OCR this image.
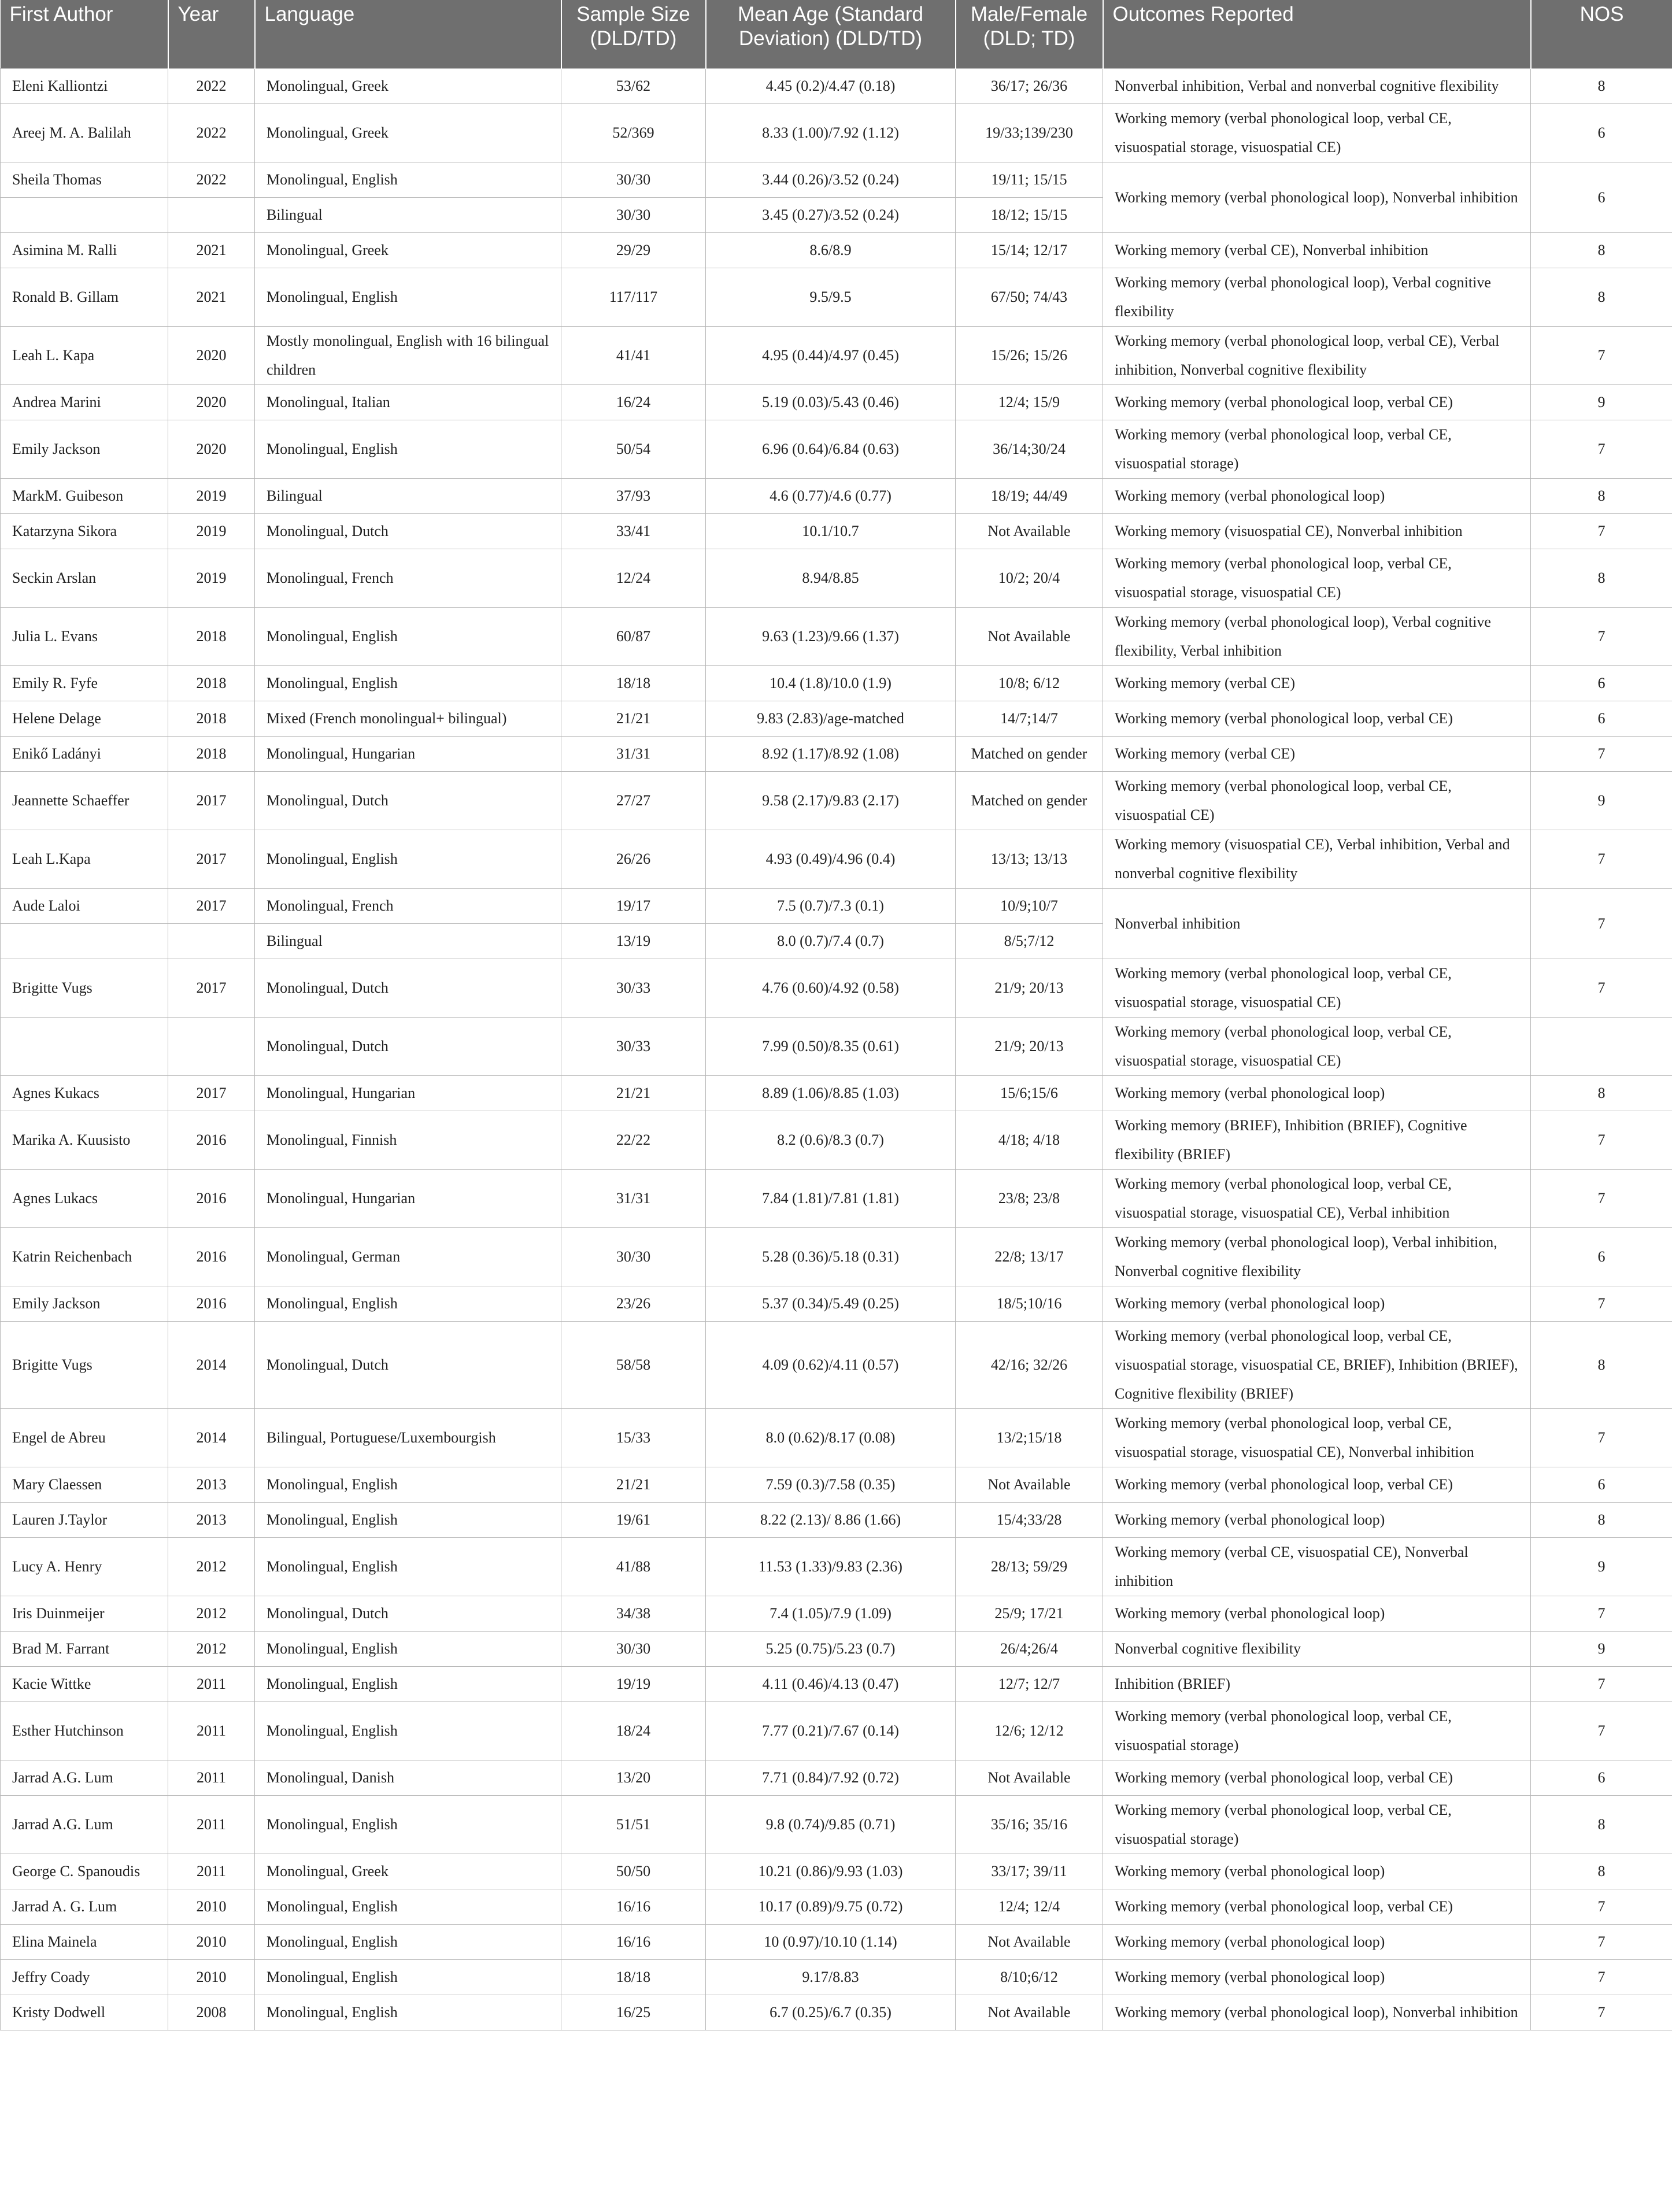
First Author	Year	Language	Sample Size (DLD/TD)	Mean Age (Standard Deviation) (DLD/TD)	Male/Female (DLD; TD)	Outcomes Reported	NOS
Eleni Kalliontzi	2022	Monolingual, Greek	53/62	4.45 (0.2)/4.47 (0.18)	36/17; 26/36	Nonverbal inhibition, Verbal and nonverbal cognitive flexibility	8
Areej M. A. Balilah	2022	Monolingual, Greek	52/369	8.33 (1.00)/7.92 (1.12)	19/33;139/230	Working memory (verbal phonological loop, verbal CE, visuospatial storage, visuospatial CE)	6
Sheila Thomas	2022	Monolingual, English	30/30	3.44 (0.26)/3.52 (0.24)	19/11; 15/15	Working memory (verbal phonological loop), Nonverbal inhibition	6
		Bilingual	30/30	3.45 (0.27)/3.52 (0.24)	18/12; 15/15		
Asimina M. Ralli	2021	Monolingual, Greek	29/29	8.6/8.9	15/14; 12/17	Working memory (verbal CE), Nonverbal inhibition	8
Ronald B. Gillam	2021	Monolingual, English	117/117	9.5/9.5	67/50; 74/43	Working memory (verbal phonological loop), Verbal cognitive flexibility	8
Leah L. Kapa	2020	Mostly monolingual, English with 16 bilingual children	41/41	4.95 (0.44)/4.97 (0.45)	15/26; 15/26	Working memory (verbal phonological loop, verbal CE), Verbal inhibition, Nonverbal cognitive flexibility	7
Andrea Marini	2020	Monolingual, Italian	16/24	5.19 (0.03)/5.43 (0.46)	12/4; 15/9	Working memory (verbal phonological loop, verbal CE)	9
Emily Jackson	2020	Monolingual, English	50/54	6.96 (0.64)/6.84 (0.63)	36/14;30/24	Working memory (verbal phonological loop, verbal CE, visuospatial storage)	7
MarkM. Guibeson	2019	Bilingual	37/93	4.6 (0.77)/4.6 (0.77)	18/19; 44/49	Working memory (verbal phonological loop)	8
Katarzyna Sikora	2019	Monolingual, Dutch	33/41	10.1/10.7	Not Available	Working memory (visuospatial CE), Nonverbal inhibition	7
Seckin Arslan	2019	Monolingual, French	12/24	8.94/8.85	10/2; 20/4	Working memory (verbal phonological loop, verbal CE, visuospatial storage, visuospatial CE)	8
Julia L. Evans	2018	Monolingual, English	60/87	9.63 (1.23)/9.66 (1.37)	Not Available	Working memory (verbal phonological loop), Verbal cognitive flexibility, Verbal inhibition	7
Emily R. Fyfe	2018	Monolingual, English	18/18	10.4 (1.8)/10.0 (1.9)	10/8; 6/12	Working memory (verbal CE)	6
Helene Delage	2018	Mixed (French monolingual+ bilingual)	21/21	9.83 (2.83)/age-matched	14/7;14/7	Working memory (verbal phonological loop, verbal CE)	6
Enikő Ladányi	2018	Monolingual, Hungarian	31/31	8.92 (1.17)/8.92 (1.08)	Matched on gender	Working memory (verbal CE)	7
Jeannette Schaeffer	2017	Monolingual, Dutch	27/27	9.58 (2.17)/9.83 (2.17)	Matched on gender	Working memory (verbal phonological loop, verbal CE, visuospatial CE)	9
Leah L.Kapa	2017	Monolingual, English	26/26	4.93 (0.49)/4.96 (0.4)	13/13; 13/13	Working memory (visuospatial CE), Verbal inhibition, Verbal and nonverbal cognitive flexibility	7
Aude Laloi	2017	Monolingual, French	19/17	7.5 (0.7)/7.3 (0.1)	10/9;10/7	Nonverbal inhibition	7
		Bilingual	13/19	8.0 (0.7)/7.4 (0.7)	8/5;7/12		
Brigitte Vugs	2017	Monolingual, Dutch	30/33	4.76 (0.60)/4.92 (0.58)	21/9; 20/13	Working memory (verbal phonological loop, verbal CE, visuospatial storage, visuospatial CE)	7
		Monolingual, Dutch	30/33	7.99 (0.50)/8.35 (0.61)	21/9; 20/13	Working memory (verbal phonological loop, verbal CE, visuospatial storage, visuospatial CE)	
Agnes Kukacs	2017	Monolingual, Hungarian	21/21	8.89 (1.06)/8.85 (1.03)	15/6;15/6	Working memory (verbal phonological loop)	8
Marika A. Kuusisto	2016	Monolingual, Finnish	22/22	8.2 (0.6)/8.3 (0.7)	4/18; 4/18	Working memory (BRIEF), Inhibition (BRIEF), Cognitive flexibility (BRIEF)	7
Agnes Lukacs	2016	Monolingual, Hungarian	31/31	7.84 (1.81)/7.81 (1.81)	23/8; 23/8	Working memory (verbal phonological loop, verbal CE, visuospatial storage, visuospatial CE), Verbal inhibition	7
Katrin Reichenbach	2016	Monolingual, German	30/30	5.28 (0.36)/5.18 (0.31)	22/8; 13/17	Working memory (verbal phonological loop), Verbal inhibition, Nonverbal cognitive flexibility	6
Emily Jackson	2016	Monolingual, English	23/26	5.37 (0.34)/5.49 (0.25)	18/5;10/16	Working memory (verbal phonological loop)	7
Brigitte Vugs	2014	Monolingual, Dutch	58/58	4.09 (0.62)/4.11 (0.57)	42/16; 32/26	Working memory (verbal phonological loop, verbal CE, visuospatial storage, visuospatial CE, BRIEF), Inhibition (BRIEF), Cognitive flexibility (BRIEF)	8
Engel de Abreu	2014	Bilingual, Portuguese/Luxembourgish	15/33	8.0 (0.62)/8.17 (0.08)	13/2;15/18	Working memory (verbal phonological loop, verbal CE, visuospatial storage, visuospatial CE), Nonverbal inhibition	7
Mary Claessen	2013	Monolingual, English	21/21	7.59 (0.3)/7.58 (0.35)	Not Available	Working memory (verbal phonological loop, verbal CE)	6
Lauren J.Taylor	2013	Monolingual, English	19/61	8.22 (2.13)/ 8.86 (1.66)	15/4;33/28	Working memory (verbal phonological loop)	8
Lucy A. Henry	2012	Monolingual, English	41/88	11.53 (1.33)/9.83 (2.36)	28/13; 59/29	Working memory (verbal CE, visuospatial CE), Nonverbal inhibition	9
Iris Duinmeijer	2012	Monolingual, Dutch	34/38	7.4 (1.05)/7.9 (1.09)	25/9; 17/21	Working memory (verbal phonological loop)	7
Brad M. Farrant	2012	Monolingual, English	30/30	5.25 (0.75)/5.23 (0.7)	26/4;26/4	Nonverbal cognitive flexibility	9
Kacie Wittke	2011	Monolingual, English	19/19	4.11 (0.46)/4.13 (0.47)	12/7; 12/7	Inhibition (BRIEF)	7
Esther Hutchinson	2011	Monolingual, English	18/24	7.77 (0.21)/7.67 (0.14)	12/6; 12/12	Working memory (verbal phonological loop, verbal CE, visuospatial storage)	7
Jarrad A.G. Lum	2011	Monolingual, Danish	13/20	7.71 (0.84)/7.92 (0.72)	Not Available	Working memory (verbal phonological loop, verbal CE)	6
Jarrad A.G. Lum	2011	Monolingual, English	51/51	9.8 (0.74)/9.85 (0.71)	35/16; 35/16	Working memory (verbal phonological loop, verbal CE, visuospatial storage)	8
George C. Spanoudis	2011	Monolingual, Greek	50/50	10.21 (0.86)/9.93 (1.03)	33/17; 39/11	Working memory (verbal phonological loop)	8
Jarrad A. G. Lum	2010	Monolingual, English	16/16	10.17 (0.89)/9.75 (0.72)	12/4; 12/4	Working memory (verbal phonological loop, verbal CE)	7
Elina Mainela	2010	Monolingual, English	16/16	10 (0.97)/10.10 (1.14)	Not Available	Working memory (verbal phonological loop)	7
Jeffry Coady	2010	Monolingual, English	18/18	9.17/8.83	8/10;6/12	Working memory (verbal phonological loop)	7
Kristy Dodwell	2008	Monolingual, English	16/25	6.7 (0.25)/6.7 (0.35)	Not Available	Working memory (verbal phonological loop), Nonverbal inhibition	7
